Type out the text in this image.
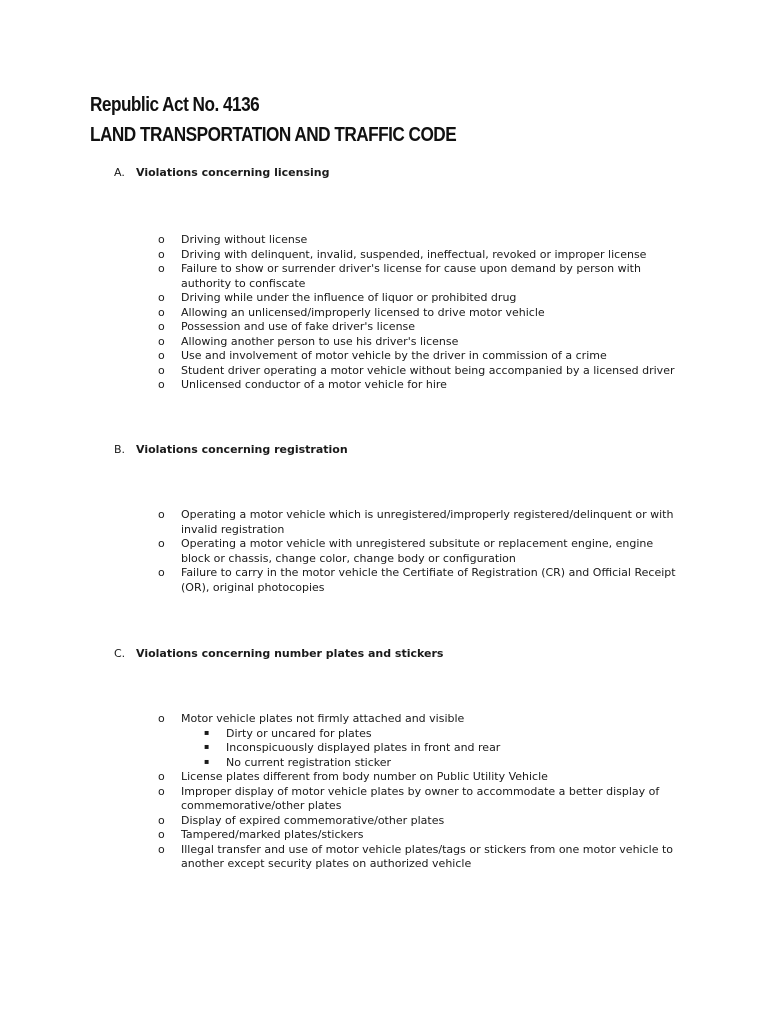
Republic Act No. 4136
LAND TRANSPORTATION AND TRAFFIC CODE
A. Violations concerning licensing
o Driving without license
o Driving with delinquent, invalid, suspended, ineffectual, revoked or improper license
o Failure to show or surrender driver's license for cause upon demand by person with authority to confiscate
o Driving while under the influence of liquor or prohibited drug
o Allowing an unlicensed/improperly licensed to drive motor vehicle
o Possession and use of fake driver's license
o Allowing another person to use his driver's license
o Use and involvement of motor vehicle by the driver in commission of a crime
o Student driver operating a motor vehicle without being accompanied by a licensed driver
o Unlicensed conductor of a motor vehicle for hire
B. Violations concerning registration
o Operating a motor vehicle which is unregistered/improperly registered/delinquent or with invalid registration
o Operating a motor vehicle with unregistered subsitute or replacement engine, engine block or chassis, change color, change body or configuration
o Failure to carry in the motor vehicle the Certifiate of Registration (CR) and Official Receipt (OR), original photocopies
C. Violations concerning number plates and stickers
o Motor vehicle plates not firmly attached and visible
▪ Dirty or uncared for plates
▪ Inconspicuously displayed plates in front and rear
▪ No current registration sticker
o License plates different from body number on Public Utility Vehicle
o Improper display of motor vehicle plates by owner to accommodate a better display of commemorative/other plates
o Display of expired commemorative/other plates
o Tampered/marked plates/stickers
o Illegal transfer and use of motor vehicle plates/tags or stickers from one motor vehicle to another except security plates on authorized vehicle
